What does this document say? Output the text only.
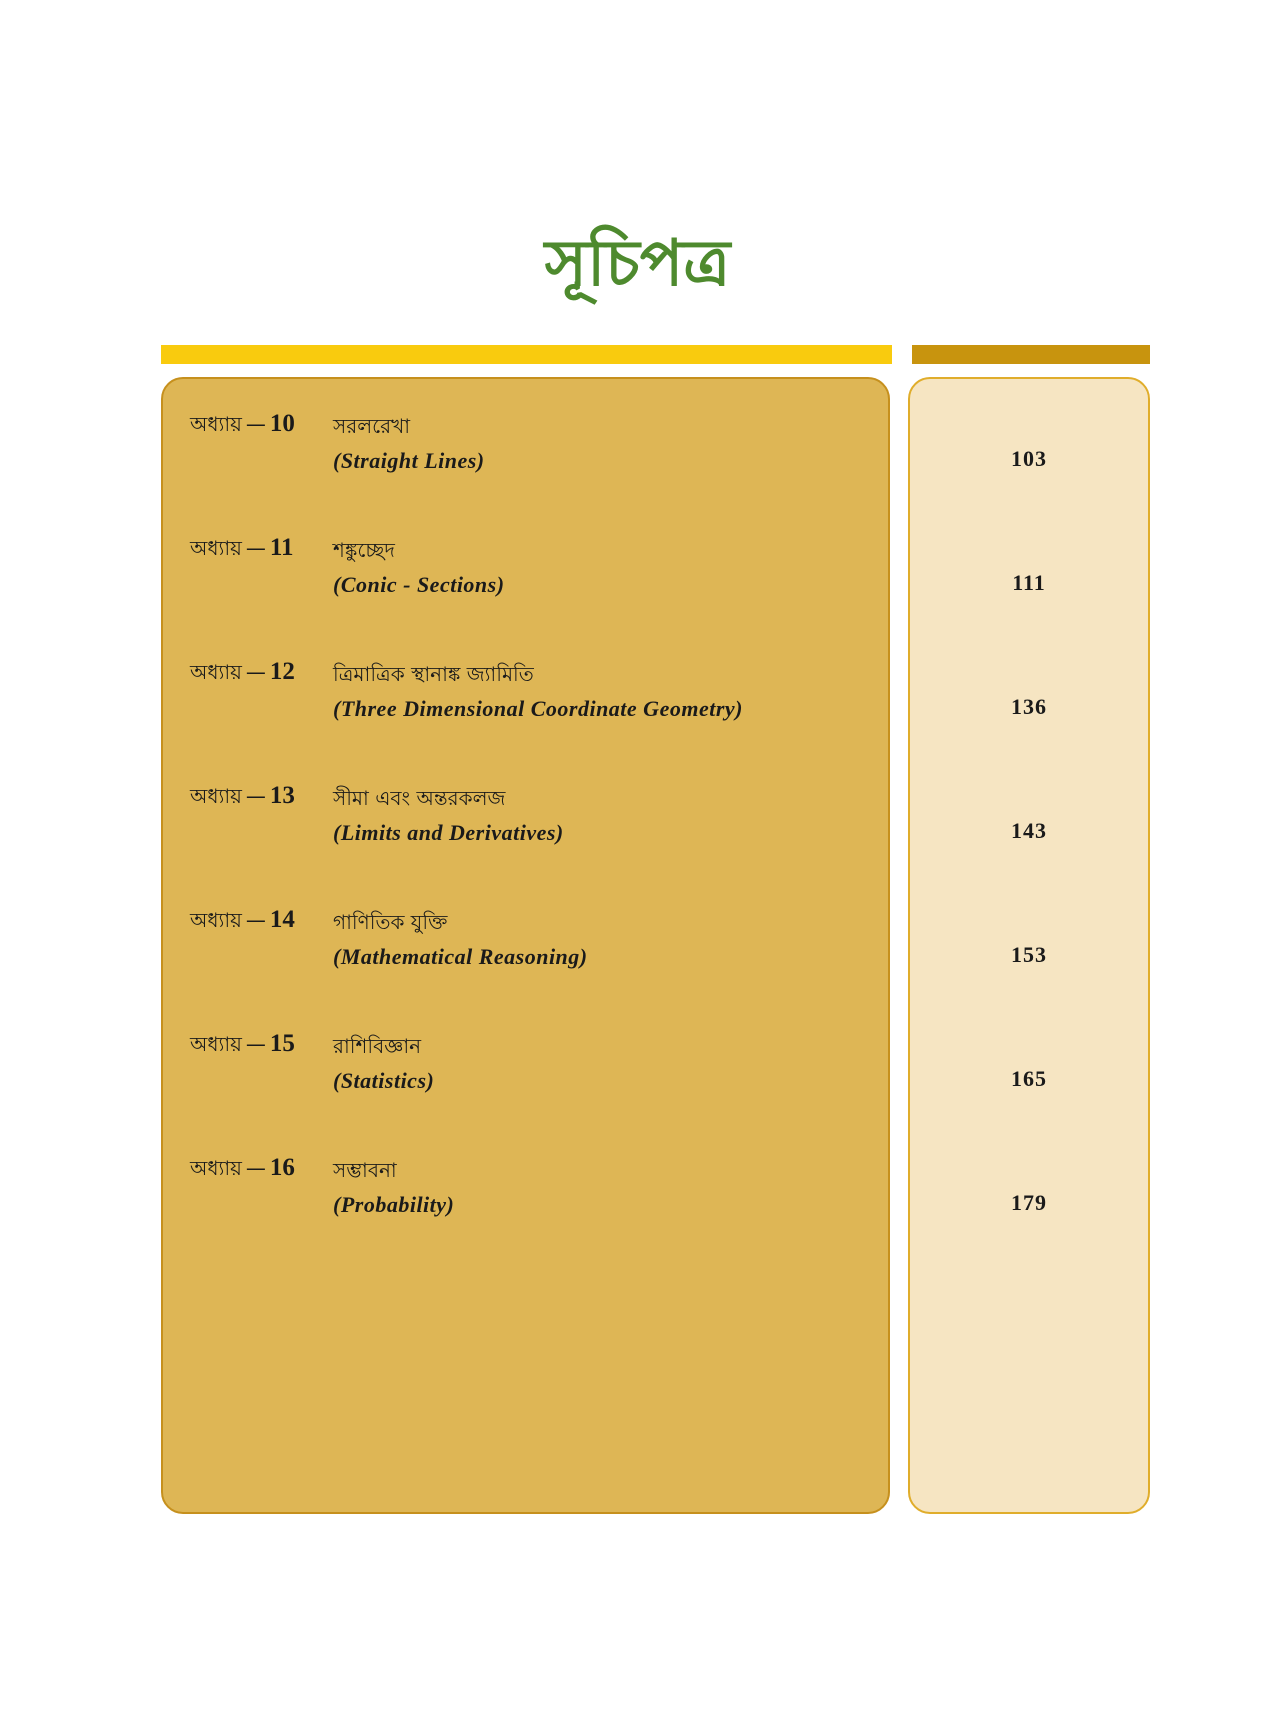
সূচিপত্র
অধ্যায় — 10 সরলরেখা
(Straight Lines)	103
অধ্যায় — 11 শঙ্কুচ্ছেদ
(Conic - Sections)	111
অধ্যায় — 12 ত্রিমাত্রিক স্থানাঙ্ক জ্যামিতি
(Three Dimensional Coordinate Geometry)	136
অধ্যায় — 13 সীমা এবং অন্তরকলজ
(Limits and Derivatives)	143
অধ্যায় — 14 গাণিতিক যুক্তি
(Mathematical Reasoning)	153
অধ্যায় — 15 রাশিবিজ্ঞান
(Statistics)	165
অধ্যায় — 16 সম্ভাবনা
(Probability)	179
